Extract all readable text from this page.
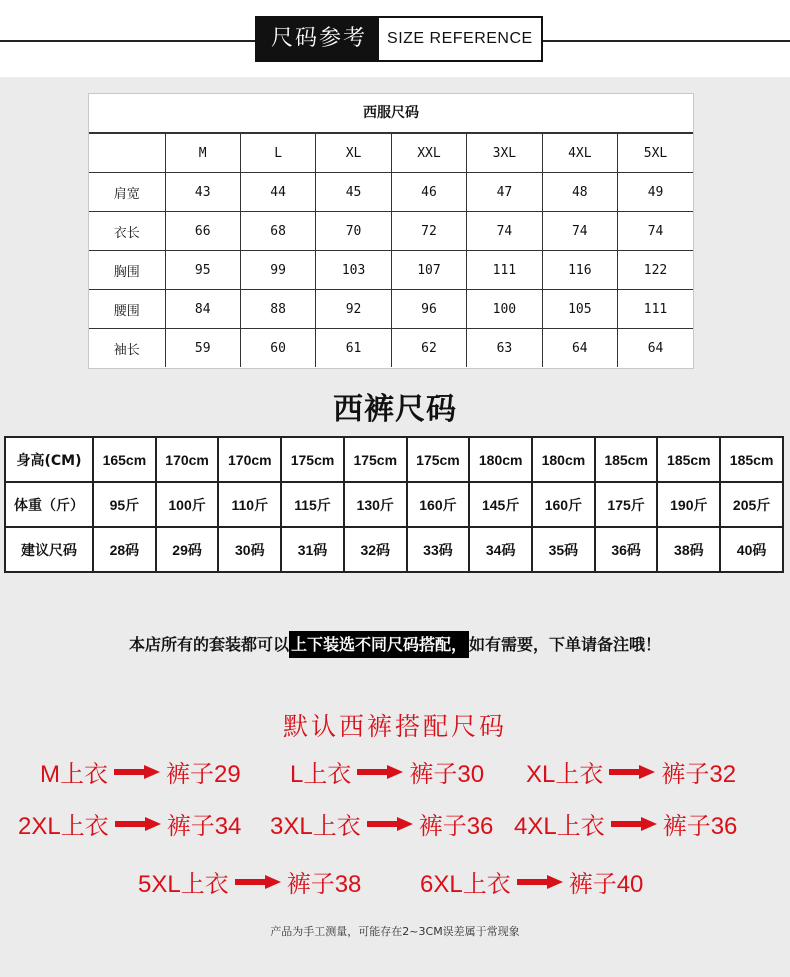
尺码参考	SIZE REFERENCE
西服尺码
	M	L	XL	XXL	3XL	4XL	5XL
肩宽	43	44	45	46	47	48	49
衣长	66	68	70	72	74	74	74
胸围	95	99	103	107	111	116	122
腰围	84	88	92	96	100	105	111
袖长	59	60	61	62	63	64	64
西裤尺码
身高(CM)	165cm	170cm	170cm	175cm	175cm	175cm	180cm	180cm	185cm	185cm	185cm
体重（斤）	95斤	100斤	110斤	115斤	130斤	160斤	145斤	160斤	175斤	190斤	205斤
建议尺码	28码	29码	30码	31码	32码	33码	34码	35码	36码	38码	40码
本店所有的套装都可以 上下装选不同尺码搭配， 如有需要，下单请备注哦！
默认西裤搭配尺码
M上衣 裤子29 L上衣 裤子30 XL上衣 裤子32
2XL上衣 裤子34 3XL上衣 裤子36 4XL上衣 裤子36
5XL上衣 裤子38 6XL上衣 裤子40
产品为手工测量，可能存在2~3CM误差属于常现象
